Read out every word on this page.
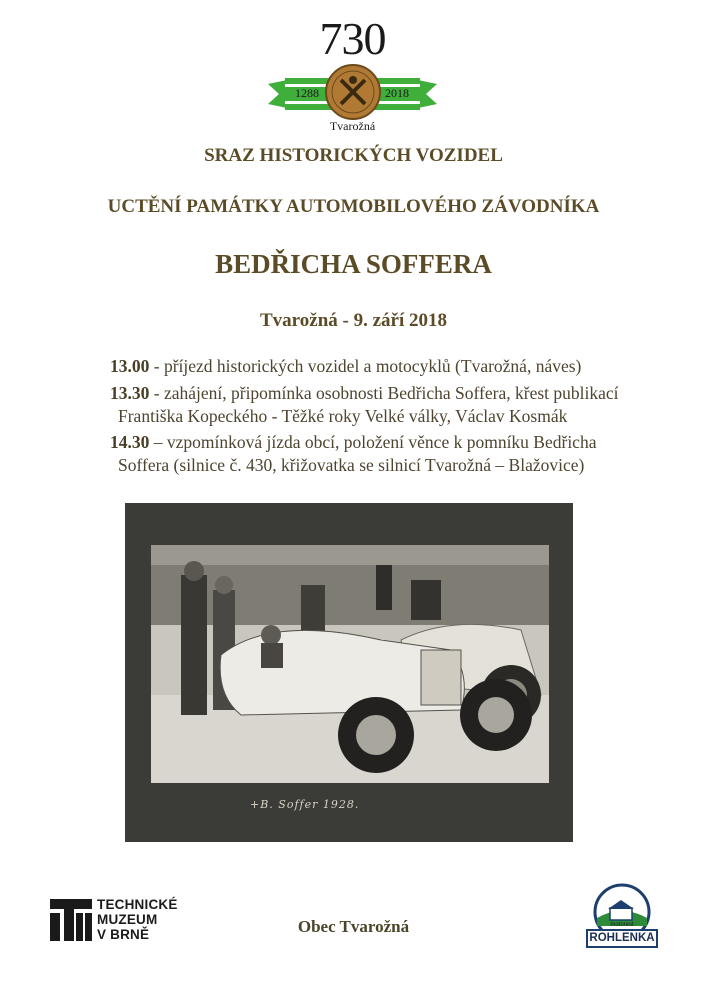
730
1288	2018
Tvarožná
SRAZ HISTORICKÝCH VOZIDEL
UCTĚNÍ PAMÁTKY AUTOMOBILOVÉHO ZÁVODNÍKA
BEDŘICHA SOFFERA
Tvarožná - 9. září 2018
13.00 - příjezd historických vozidel a motocyklů (Tvarožná, náves)
13.30 - zahájení, připomínka osobnosti Bedřicha Soffera, křest publikací
Františka Kopeckého - Těžké roky Velké války, Václav Kosmák
14.30 – vzpomínková jízda obcí, položení věnce k pomníku Bedřicha
Soffera (silnice č. 430, křižovatka se silnicí Tvarožná – Blažovice)
+B. Soffer 1928.
TECHNICKÉ
MUZEUM
V BRNĚ	Obec Tvarožná	motorest
ROHLENKA
